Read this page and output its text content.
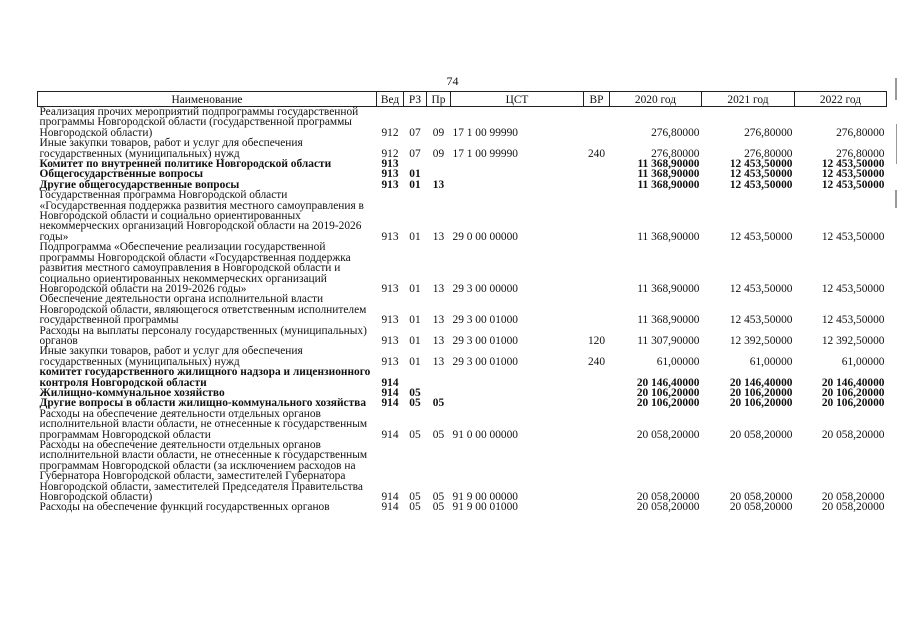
74
Наименование	Вед	РЗ	Пр	ЦСТ	ВР	2020 год	2021 год	2022 год
Реализация прочих мероприятий подпрограммы государственной программы Новгородской области (государственной программы Новгородской области)	912	07	09	17 1 00 99990		276,80000	276,80000	276,80000
Иные закупки товаров, работ и услуг для обеспечения государственных (муниципальных) нужд	912	07	09	17 1 00 99990	240	276,80000	276,80000	276,80000
Комитет по внутренней политике Новгородской области	913					11 368,90000	12 453,50000	12 453,50000
Общегосударственные вопросы	913	01				11 368,90000	12 453,50000	12 453,50000
Другие общегосударственные вопросы	913	01	13			11 368,90000	12 453,50000	12 453,50000
Государственная программа Новгородской области «Государственная поддержка развития местного самоуправления в Новгородской области и социально ориентированных некоммерческих организаций Новгородской области на 2019-2026 годы»	913	01	13	29 0 00 00000		11 368,90000	12 453,50000	12 453,50000
Подпрограмма «Обеспечение реализации государственной программы Новгородской области «Государственная поддержка развития местного самоуправления в Новгородской области и социально ориентированных некоммерческих организаций Новгородской области на 2019-2026 годы»	913	01	13	29 3 00 00000		11 368,90000	12 453,50000	12 453,50000
Обеспечение деятельности органа исполнительной власти Новгородской области, являющегося ответственным исполнителем государственной программы	913	01	13	29 3 00 01000		11 368,90000	12 453,50000	12 453,50000
Расходы на выплаты персоналу государственных (муниципальных) органов	913	01	13	29 3 00 01000	120	11 307,90000	12 392,50000	12 392,50000
Иные закупки товаров, работ и услуг для обеспечения государственных (муниципальных) нужд	913	01	13	29 3 00 01000	240	61,00000	61,00000	61,00000
комитет государственного жилищного надзора и лицензионного контроля Новгородской области	914					20 146,40000	20 146,40000	20 146,40000
Жилищно-коммунальное хозяйство	914	05				20 106,20000	20 106,20000	20 106,20000
Другие вопросы в области жилищно-коммунального хозяйства	914	05	05			20 106,20000	20 106,20000	20 106,20000
Расходы на обеспечение деятельности отдельных органов исполнительной власти области, не отнесенные к государственным программам Новгородской области	914	05	05	91 0 00 00000		20 058,20000	20 058,20000	20 058,20000
Расходы на обеспечение деятельности отдельных органов исполнительной власти области, не отнесенные к государственным программам Новгородской области (за исключением расходов на Губернатора Новгородской области, заместителей Губернатора Новгородской области, заместителей Председателя Правительства Новгородской области)	914	05	05	91 9 00 00000		20 058,20000	20 058,20000	20 058,20000
Расходы на обеспечение функций государственных органов	914	05	05	91 9 00 01000		20 058,20000	20 058,20000	20 058,20000
